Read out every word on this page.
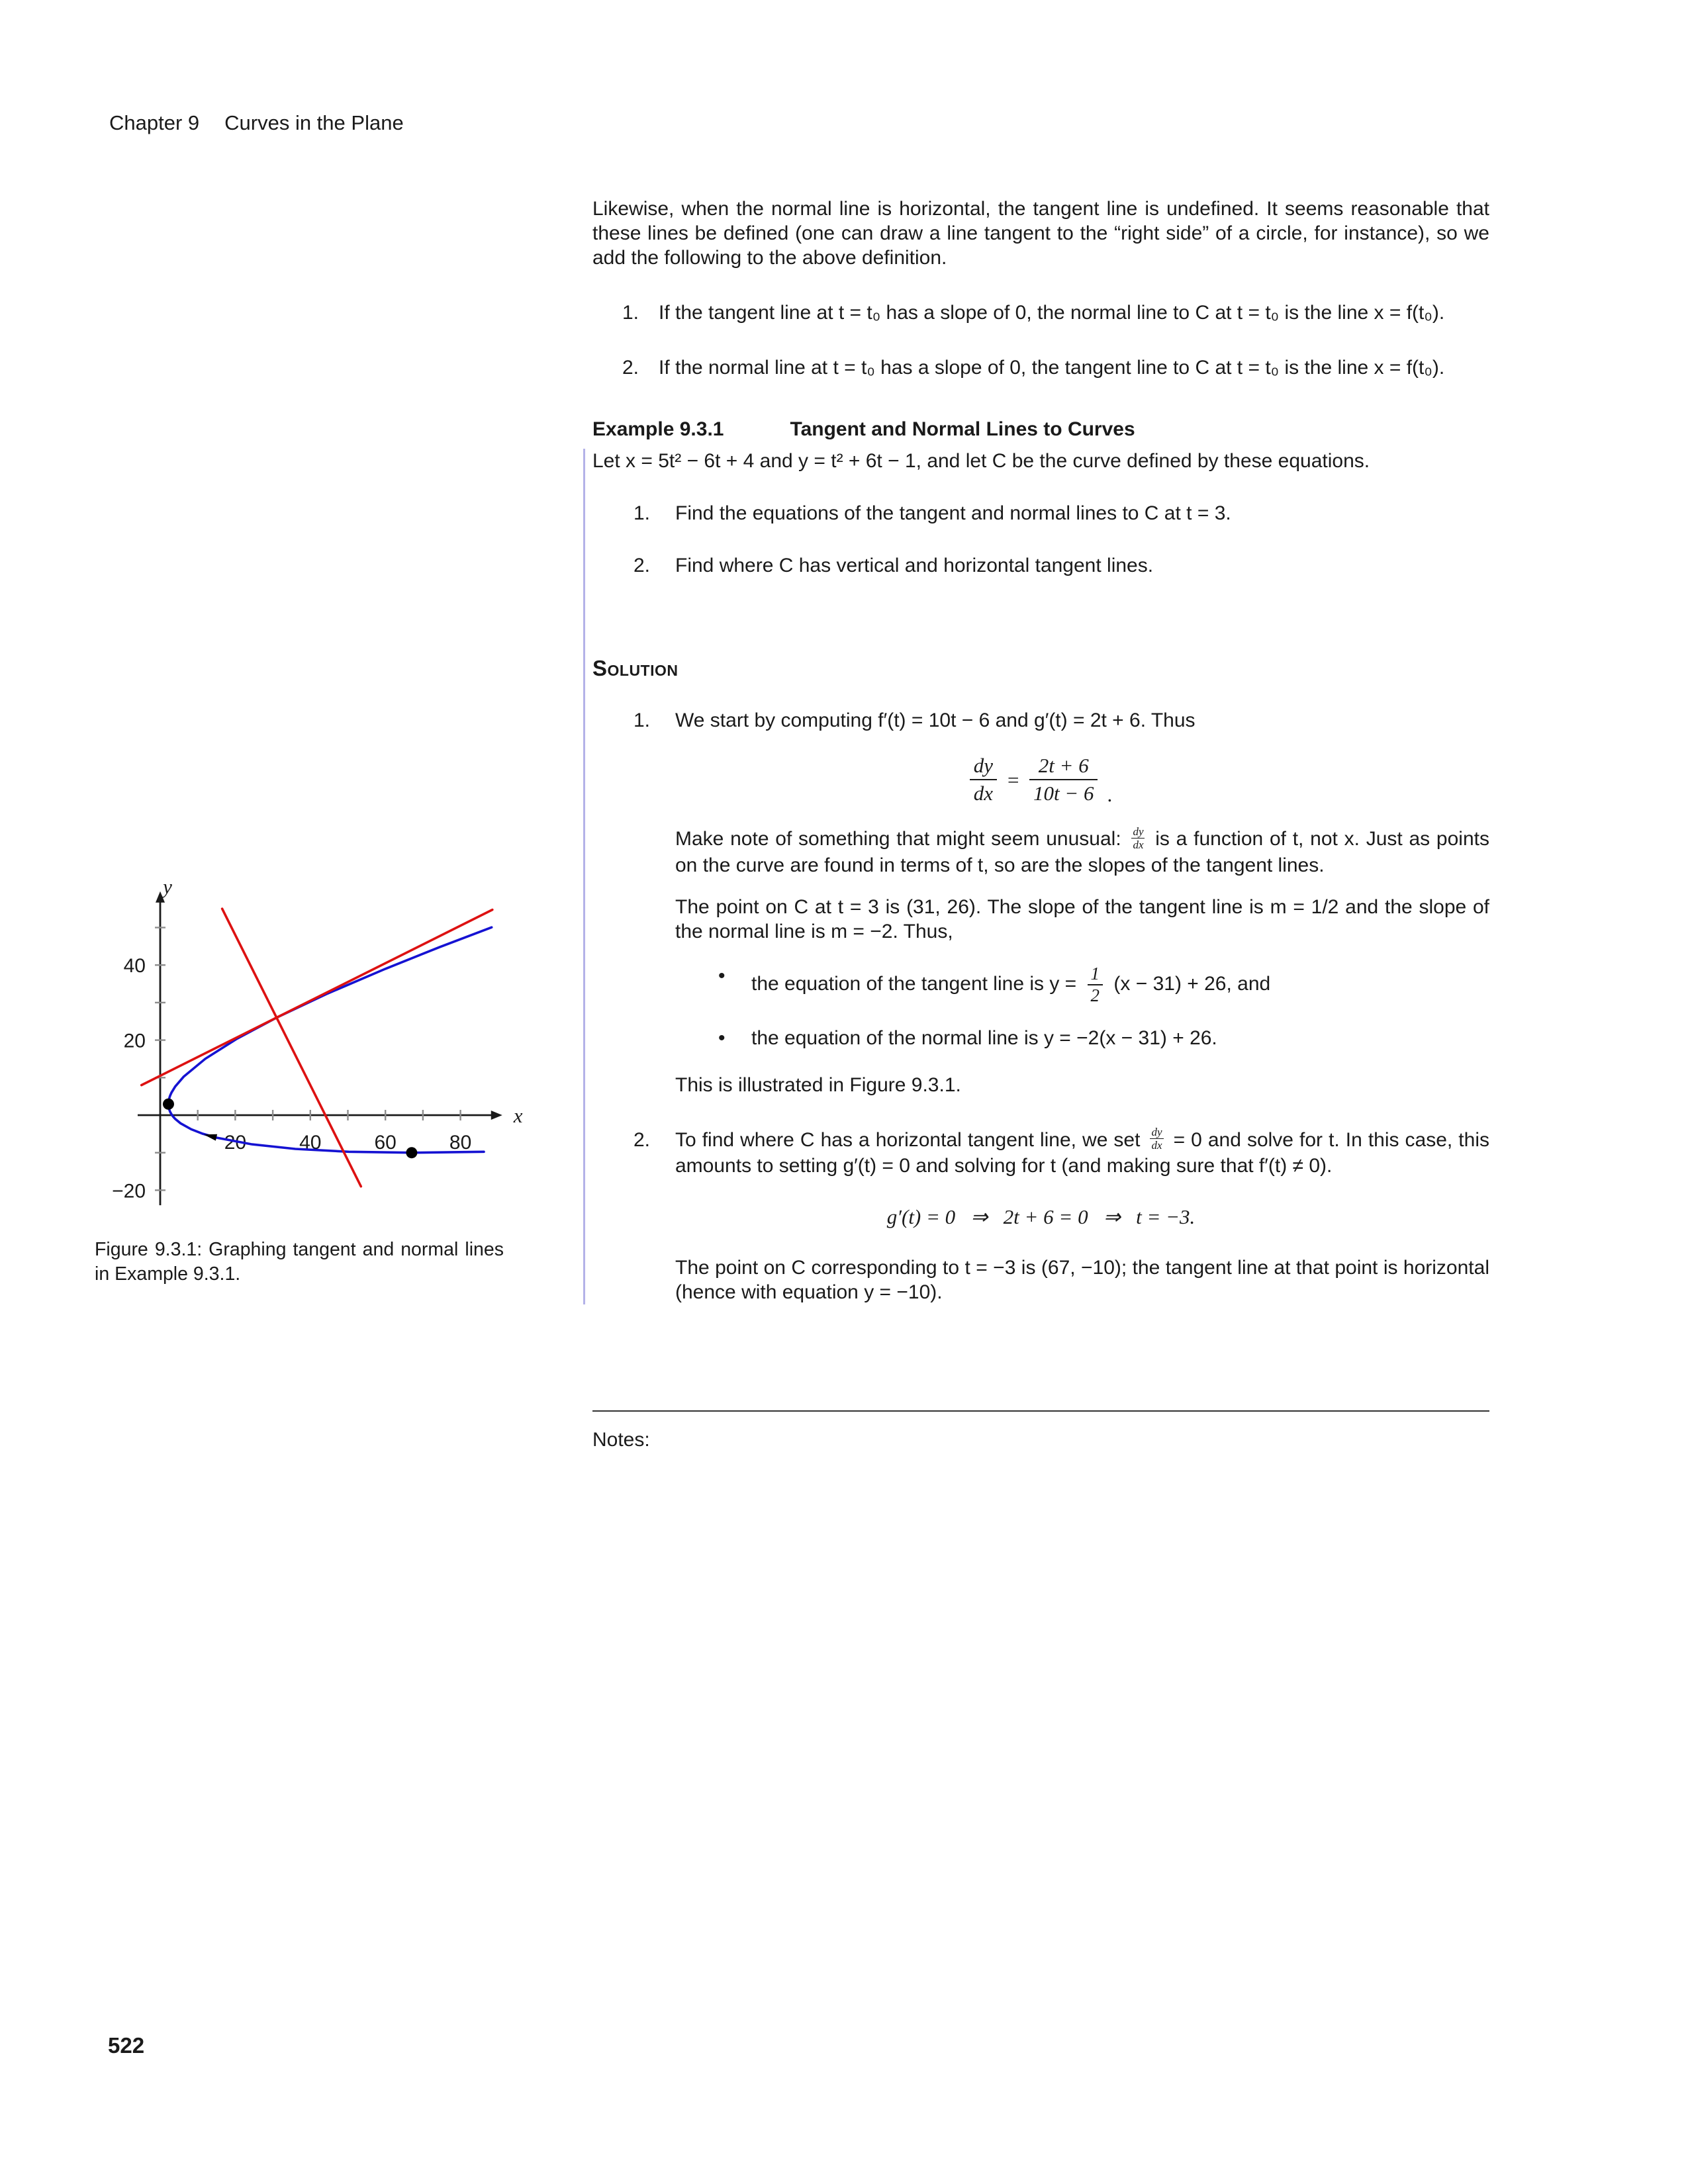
Chapter 9 Curves in the Plane
20	40	60	80
40
20
−20
x
y

Figure 9.3.1: Graphing tangent and normal lines in Example 9.3.1.

Likewise, when the normal line is horizontal, the tangent line is undefined. It seems reasonable that these lines be defined (one can draw a line tangent to the “right side” of a circle, for instance), so we add the following to the above definition.

1. If the tangent line at t = t₀ has a slope of 0, the normal line to C at t = t₀ is the line x = f(t₀).
2. If the normal line at t = t₀ has a slope of 0, the tangent line to C at t = t₀ is the line x = f(t₀).
Example 9.3.1	Tangent and Normal Lines to Curves

Let x = 5t² − 6t + 4 and y = t² + 6t − 1, and let C be the curve defined by these equations.

1. Find the equations of the tangent and normal lines to C at t = 3.
2. Find where C has vertical and horizontal tangent lines.
Solution
1. We start by computing f′(t) = 10t − 6 and g′(t) = 2t + 6. Thus
$\frac{dy}{dx} = \frac{2t + 6}{10t - 6}$ .
Make note of something that might seem unusual: $\frac{dy}{dx}$ is a function of t, not x. Just as points on the curve are found in terms of t, so are the slopes of the tangent lines.
The point on C at t = 3 is (31, 26). The slope of the tangent line is m = 1/2 and the slope of the normal line is m = −2. Thus,
• the equation of the tangent line is $y = \frac{1}{2} (x - 31) + 26$, and
• the equation of the normal line is y = −2(x − 31) + 26.
This is illustrated in Figure 9.3.1.
2. To find where C has a horizontal tangent line, we set $\frac{dy}{dx} = 0$ and solve for t. In this case, this amounts to setting g′(t) = 0 and solving for t (and making sure that f′(t) ≠ 0).
g′(t) = 0   ⇒   2t + 6 = 0   ⇒   t = −3.
The point on C corresponding to t = −3 is (67, −10); the tangent line at that point is horizontal (hence with equation y = −10).

Notes:

522
